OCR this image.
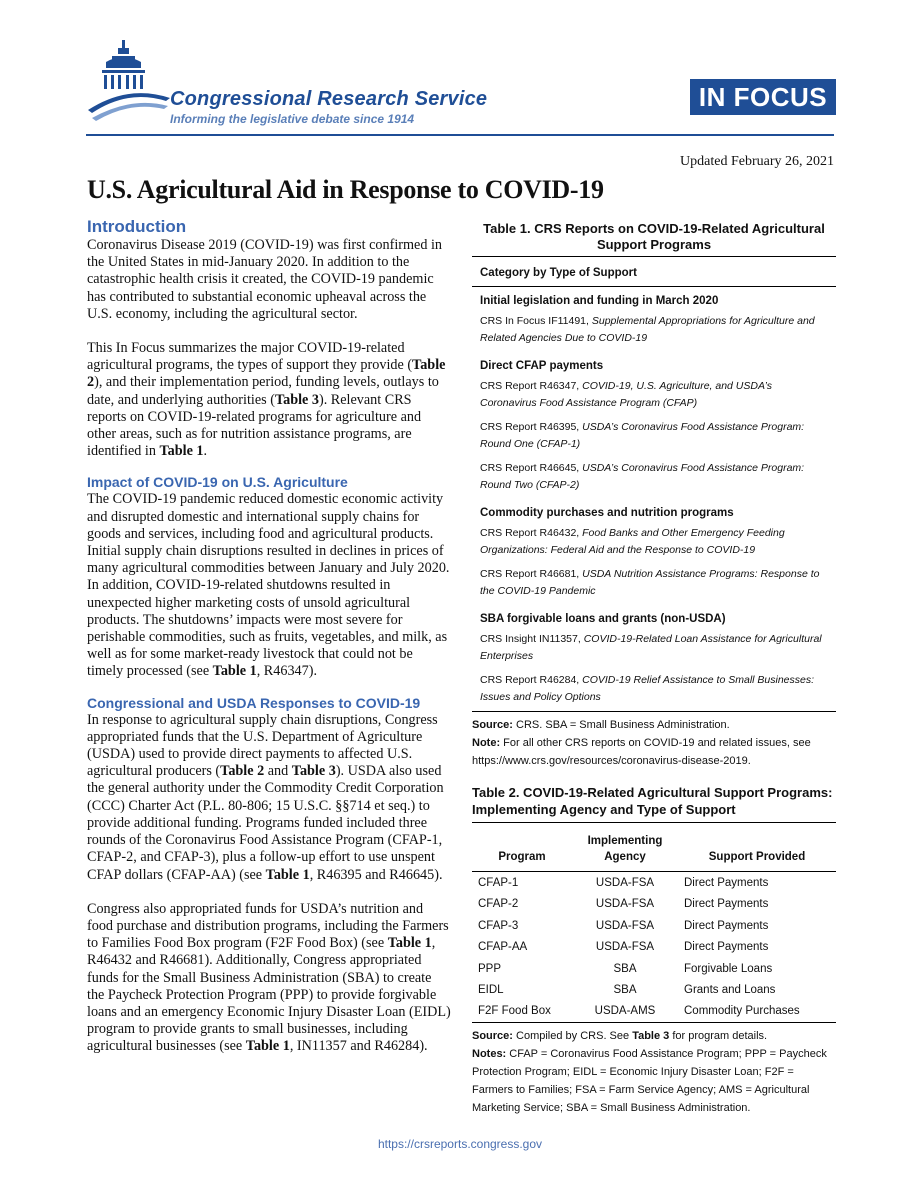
Congressional Research Service
Informing the legislative debate since 1914
IN FOCUS
Updated February 26, 2021
U.S. Agricultural Aid in Response to COVID-19
Introduction

Coronavirus Disease 2019 (COVID-19) was first confirmed in the United States in mid-January 2020. In addition to the catastrophic health crisis it created, the COVID-19 pandemic has contributed to substantial economic upheaval across the U.S. economy, including the agricultural sector.

This In Focus summarizes the major COVID-19-related agricultural programs, the types of support they provide (Table 2), and their implementation period, funding levels, outlays to date, and underlying authorities (Table 3). Relevant CRS reports on COVID-19-related programs for agriculture and other areas, such as for nutrition assistance programs, are identified in Table 1.

Impact of COVID-19 on U.S. Agriculture

The COVID-19 pandemic reduced domestic economic activity and disrupted domestic and international supply chains for goods and services, including food and agricultural products. Initial supply chain disruptions resulted in declines in prices of many agricultural commodities between January and July 2020. In addition, COVID-19-related shutdowns resulted in unexpected higher marketing costs of unsold agricultural products. The shutdowns’ impacts were most severe for perishable commodities, such as fruits, vegetables, and milk, as well as for some market-ready livestock that could not be timely processed (see Table 1, R46347).

Congressional and USDA Responses to COVID-19

In response to agricultural supply chain disruptions, Congress appropriated funds that the U.S. Department of Agriculture (USDA) used to provide direct payments to affected U.S. agricultural producers (Table 2 and Table 3). USDA also used the general authority under the Commodity Credit Corporation (CCC) Charter Act (P.L. 80-806; 15 U.S.C. §§714 et seq.) to provide additional funding. Programs funded included three rounds of the Coronavirus Food Assistance Program (CFAP-1, CFAP-2, and CFAP-3), plus a follow-up effort to use unspent CFAP dollars (CFAP-AA) (see Table 1, R46395 and R46645).

Congress also appropriated funds for USDA’s nutrition and food purchase and distribution programs, including the Farmers to Families Food Box program (F2F Food Box) (see Table 1, R46432 and R46681). Additionally, Congress appropriated funds for the Small Business Administration (SBA) to create the Paycheck Protection Program (PPP) to provide forgivable loans and an emergency Economic Injury Disaster Loan (EIDL) program to provide grants to small businesses, including agricultural businesses (see Table 1, IN11357 and R46284).

Table 1. CRS Reports on COVID-19-Related Agricultural Support Programs
Category by Type of Support
Initial legislation and funding in March 2020
CRS In Focus IF11491, Supplemental Appropriations for Agriculture and Related Agencies Due to COVID-19
Direct CFAP payments
CRS Report R46347, COVID-19, U.S. Agriculture, and USDA’s Coronavirus Food Assistance Program (CFAP)
CRS Report R46395, USDA’s Coronavirus Food Assistance Program: Round One (CFAP-1)
CRS Report R46645, USDA’s Coronavirus Food Assistance Program: Round Two (CFAP-2)
Commodity purchases and nutrition programs
CRS Report R46432, Food Banks and Other Emergency Feeding Organizations: Federal Aid and the Response to COVID-19
CRS Report R46681, USDA Nutrition Assistance Programs: Response to the COVID-19 Pandemic
SBA forgivable loans and grants (non-USDA)
CRS Insight IN11357, COVID-19-Related Loan Assistance for Agricultural Enterprises
CRS Report R46284, COVID-19 Relief Assistance to Small Businesses: Issues and Policy Options
Source: CRS. SBA = Small Business Administration.
Note: For all other CRS reports on COVID-19 and related issues, see https://www.crs.gov/resources/coronavirus-disease-2019.
Table 2. COVID-19-Related Agricultural Support Programs: Implementing Agency and Type of Support
Program	Implementing Agency	Support Provided
CFAP-1	USDA-FSA	Direct Payments
CFAP-2	USDA-FSA	Direct Payments
CFAP-3	USDA-FSA	Direct Payments
CFAP-AA	USDA-FSA	Direct Payments
PPP	SBA	Forgivable Loans
EIDL	SBA	Grants and Loans
F2F Food Box	USDA-AMS	Commodity Purchases
Source: Compiled by CRS. See Table 3 for program details.
Notes: CFAP = Coronavirus Food Assistance Program; PPP = Paycheck Protection Program; EIDL = Economic Injury Disaster Loan; F2F = Farmers to Families; FSA = Farm Service Agency; AMS = Agricultural Marketing Service; SBA = Small Business Administration.
https://crsreports.congress.gov
